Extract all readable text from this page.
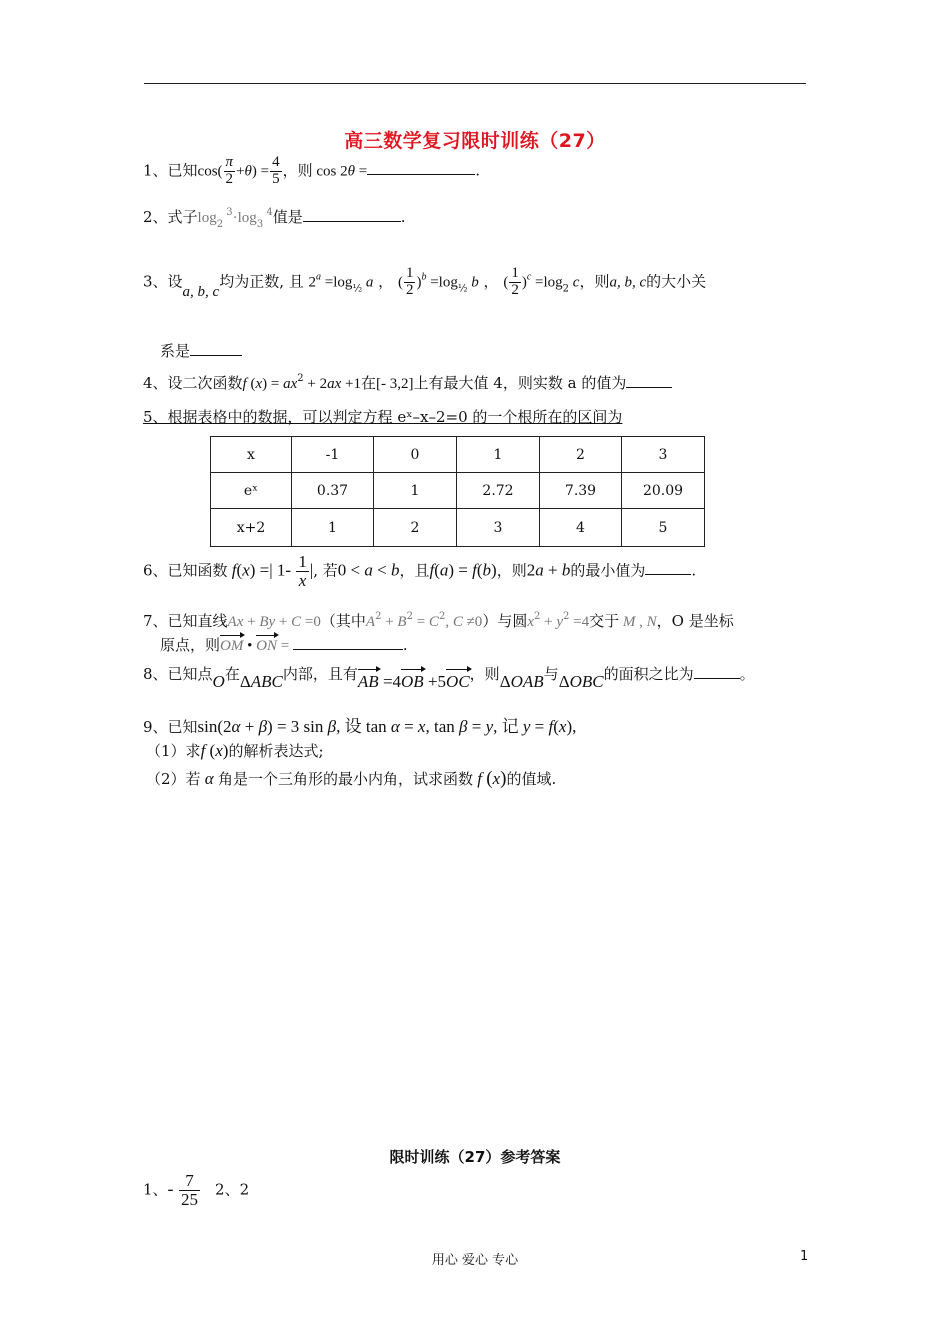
高三数学复习限时训练（27）
1、已知$\cos( \frac{\pi}{2} +\theta) = \frac{4}{5}$ ，则 cos 2θ =	.
2、式子$\log_2 ^3\cdot\log_3$ $^4$值是	.
3、设a, b, c均为正数, 且 $2^a =\log_{\frac{1}{2}}$ a ， ( $\frac{1}{2} )^b =\log_{\frac{1}{2}}$ b ， ( $\frac{1}{2} )^c =\log_2$ c，则a, b, c的大小关
系是
4、设二次函数f $(x) = ax^2 + 2ax +1$在[- 3,2]上有最大值 4，则实数 a 的值为
5、根据表格中的数据，可以判定方程 eˣ–x–2=0 的一个根所在的区间为
x	-1	0	1	2	3
eˣ	0.37	1	2.72	7.39	20.09
x+2	1	2	3	4	5
6、已知函数 f(x) =| $1- \frac{1}{x}$ |, 若0 < a < b，且f(a) = f(b)，则2a + b的最小值为	.
7、已知直线Ax + By + C =0（其中$A^2 + B^2 = C^2$, C ≠0）与圆$x^2 + y^2 =4$交于 M , N，O 是坐标
原点，则OM • ON =	.
8、已知点O在ΔABC内部，且有AB =4OB +5OC，则ΔOAB与ΔOBC的面积之比为	。
9、已知sin(2α + β) = 3 sin β, 设 tan α = x, tan β = y, 记 y = f(x),
（1）求f (x)的解析表达式;
（2）若 α 角是一个三角形的最小内角，试求函数 f (x)的值域.
限时训练（27）参考答案
1、- $\frac{7}{25} 2$、2
用心 爱心 专心	1
